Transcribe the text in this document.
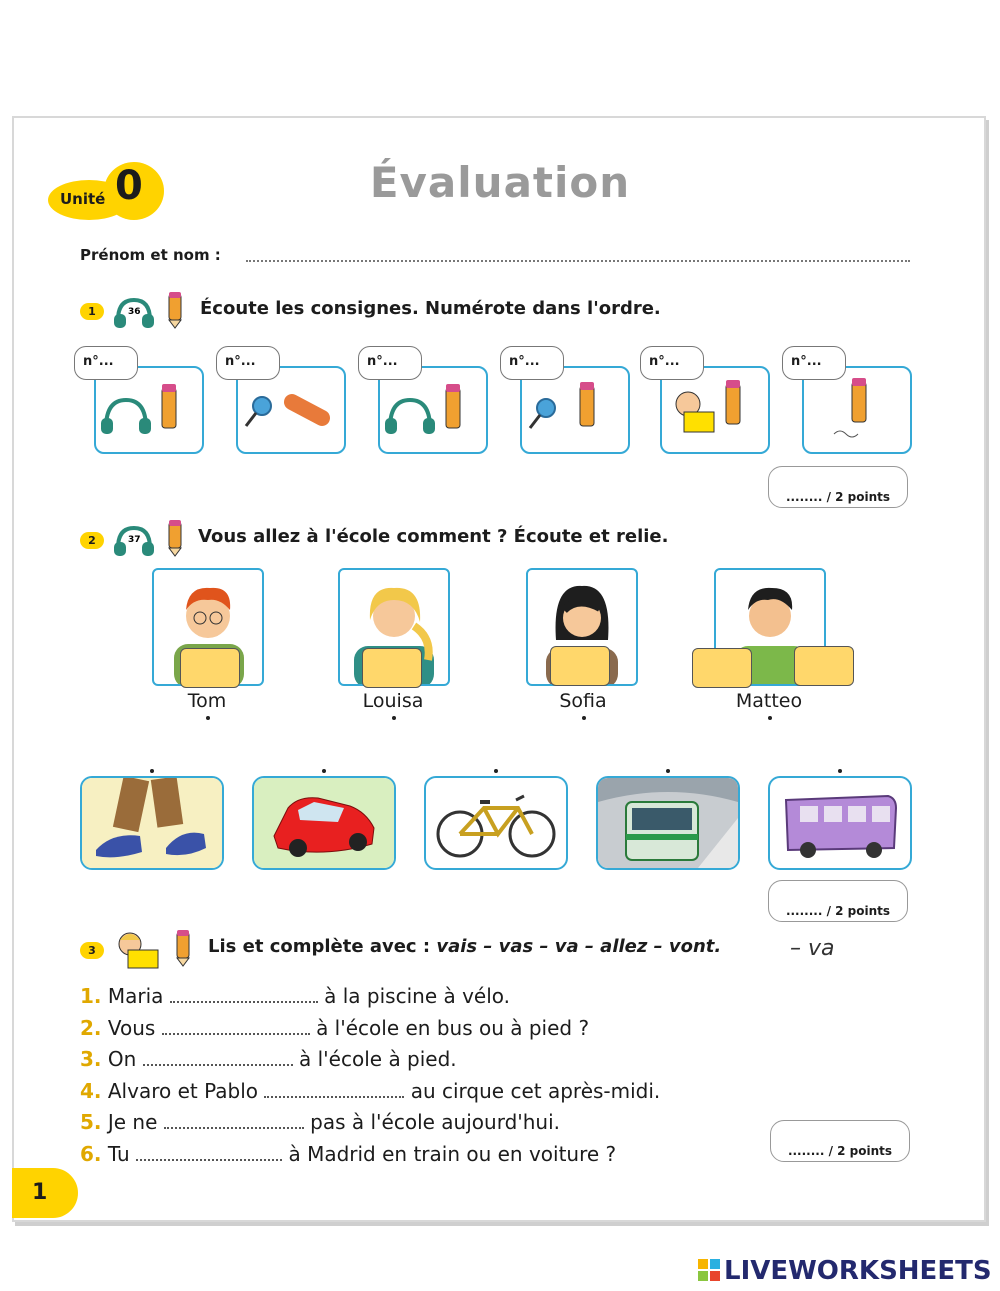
Unité 0	Évaluation
Prénom et nom :
1	36	Écoute les consignes. Numérote dans l'ordre.
n°...	n°...	n°...	n°...	n°...	n°...
........ / 2 points
2	37	Vous allez à l'école comment ? Écoute et relie.
Tom	Louisa	Sofia	Matteo
........ / 2 points
3	Lis et complète avec : vais – vas – va – allez – vont.	– va
1. Maria	à la piscine à vélo.
2. Vous	à l'école en bus ou à pied ?
3. On	à l'école à pied.
4. Alvaro et Pablo	au cirque cet après-midi.
5. Je ne	pas à l'école aujourd'hui.
6. Tu	à Madrid en train ou en voiture ?	........ / 2 points
1
LIVEWORKSHEETS
